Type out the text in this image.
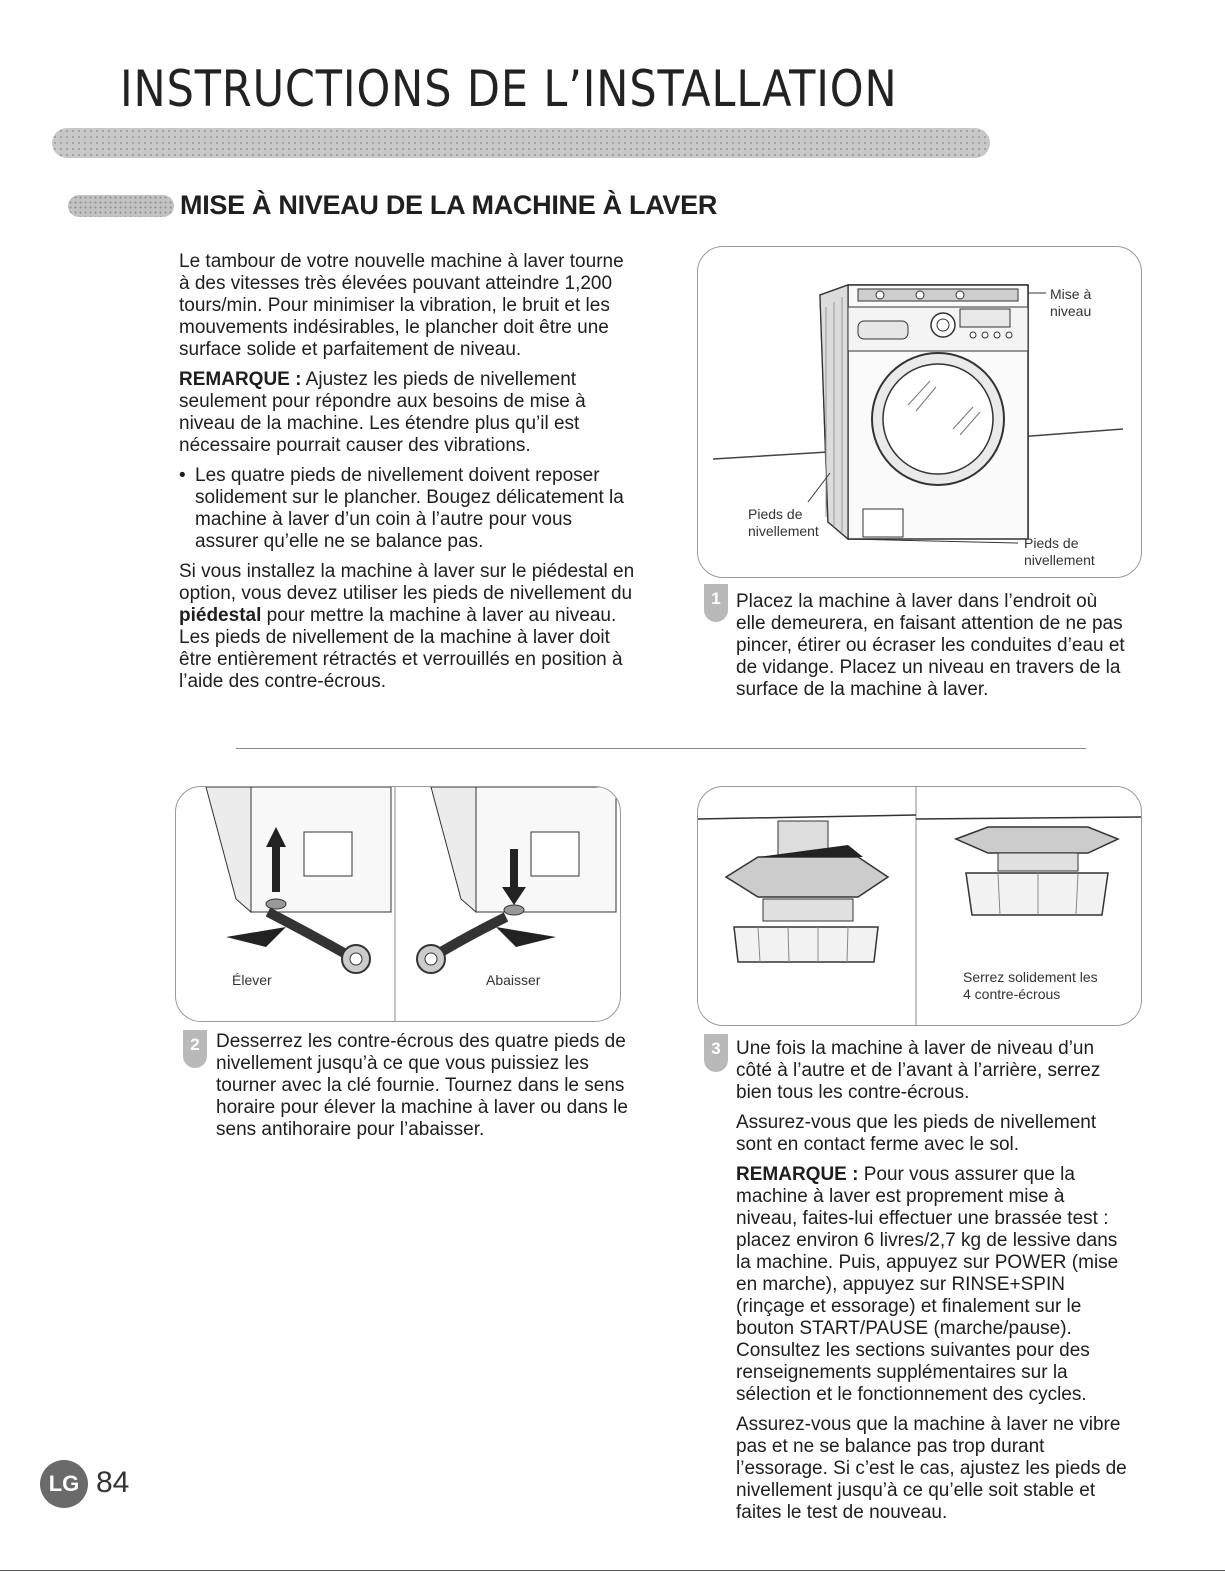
INSTRUCTIONS DE L’INSTALLATION
MISE À NIVEAU DE LA MACHINE À LAVER

Le tambour de votre nouvelle machine à laver tourne à des vitesses très élevées pouvant atteindre 1,200 tours/min. Pour minimiser la vibration, le bruit et les mouvements indésirables, le plancher doit être une surface solide et parfaitement de niveau.

REMARQUE : Ajustez les pieds de nivellement seulement pour répondre aux besoins de mise à niveau de la machine. Les étendre plus qu’il est nécessaire pourrait causer des vibrations.

• Les quatre pieds de nivellement doivent reposer solidement sur le plancher. Bougez délicatement la machine à laver d’un coin à l’autre pour vous assurer qu’elle ne se balance pas.

Si vous installez la machine à laver sur le piédestal en option, vous devez utiliser les pieds de nivellement du piédestal pour mettre la machine à laver au niveau. Les pieds de nivellement de la machine à laver doit être entièrement rétractés et verrouillés en position à l’aide des contre-écrous.

Mise à
niveau
Pieds de
nivellement
Pieds de
nivellement
1 Placez la machine à laver dans l’endroit où elle demeurera, en faisant attention de ne pas pincer, étirer ou écraser les conduites d’eau et de vidange. Placez un niveau en travers de la surface de la machine à laver.
Élever	Abaisser
2 Desserrez les contre-écrous des quatre pieds de nivellement jusqu’à ce que vous puissiez les tourner avec la clé fournie. Tournez dans le sens horaire pour élever la machine à laver ou dans le sens antihoraire pour l’abaisser.
Serrez solidement les
4 contre-écrous
3 Une fois la machine à laver de niveau d’un côté à l’autre et de l’avant à l’arrière, serrez bien tous les contre-écrous.

Assurez-vous que les pieds de nivellement sont en contact ferme avec le sol.

REMARQUE : Pour vous assurer que la machine à laver est proprement mise à niveau, faites-lui effectuer une brassée test : placez environ 6 livres/2,7 kg de lessive dans la machine. Puis, appuyez sur POWER (mise en marche), appuyez sur RINSE+SPIN (rinçage et essorage) et finalement sur le bouton START/PAUSE (marche/pause). Consultez les sections suivantes pour des renseignements supplémentaires sur la sélection et le fonctionnement des cycles.

Assurez-vous que la machine à laver ne vibre pas et ne se balance pas trop durant l’essorage. Si c’est le cas, ajustez les pieds de nivellement jusqu’à ce qu’elle soit stable et faites le test de nouveau.

LG 84
